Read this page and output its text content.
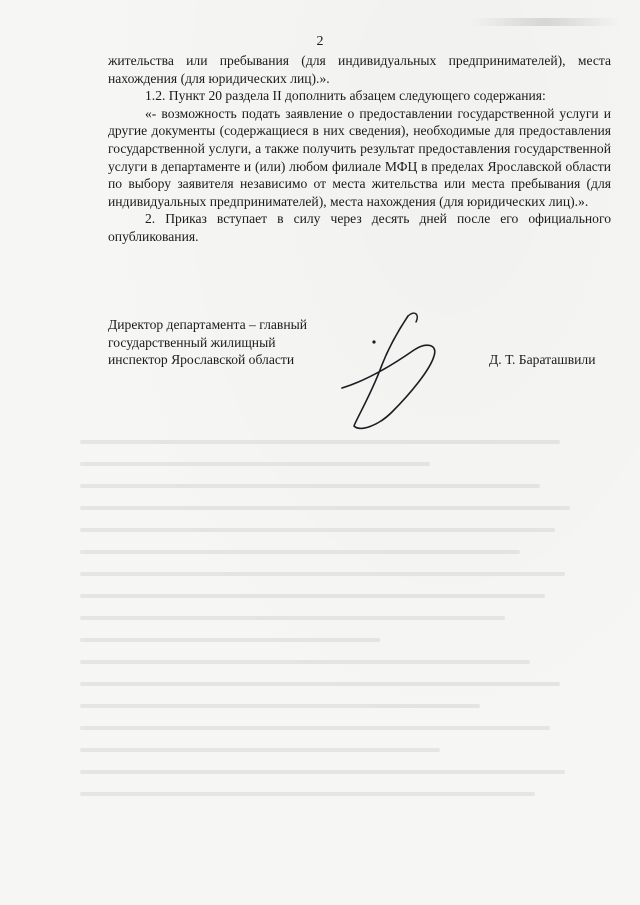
2

жительства или пребывания (для индивидуальных предпринимателей), места нахождения (для юридических лиц).».

1.2. Пункт 20 раздела II дополнить абзацем следующего содержания:

«- возможность подать заявление о предоставлении государственной услуги и другие документы (содержащиеся в них сведения), необходимые для предоставления государственной услуги, а также получить результат предоставления государственной услуги в департаменте и (или) любом филиале МФЦ в пределах Ярославской области по выбору заявителя независимо от места жительства или места пребывания (для индивидуальных предпринимателей), места нахождения (для юридических лиц).».

2. Приказ вступает в силу через десять дней после его официального опубликования.

Директор департамента – главный
государственный жилищный
инспектор Ярославской области	Д. Т. Бараташвили
